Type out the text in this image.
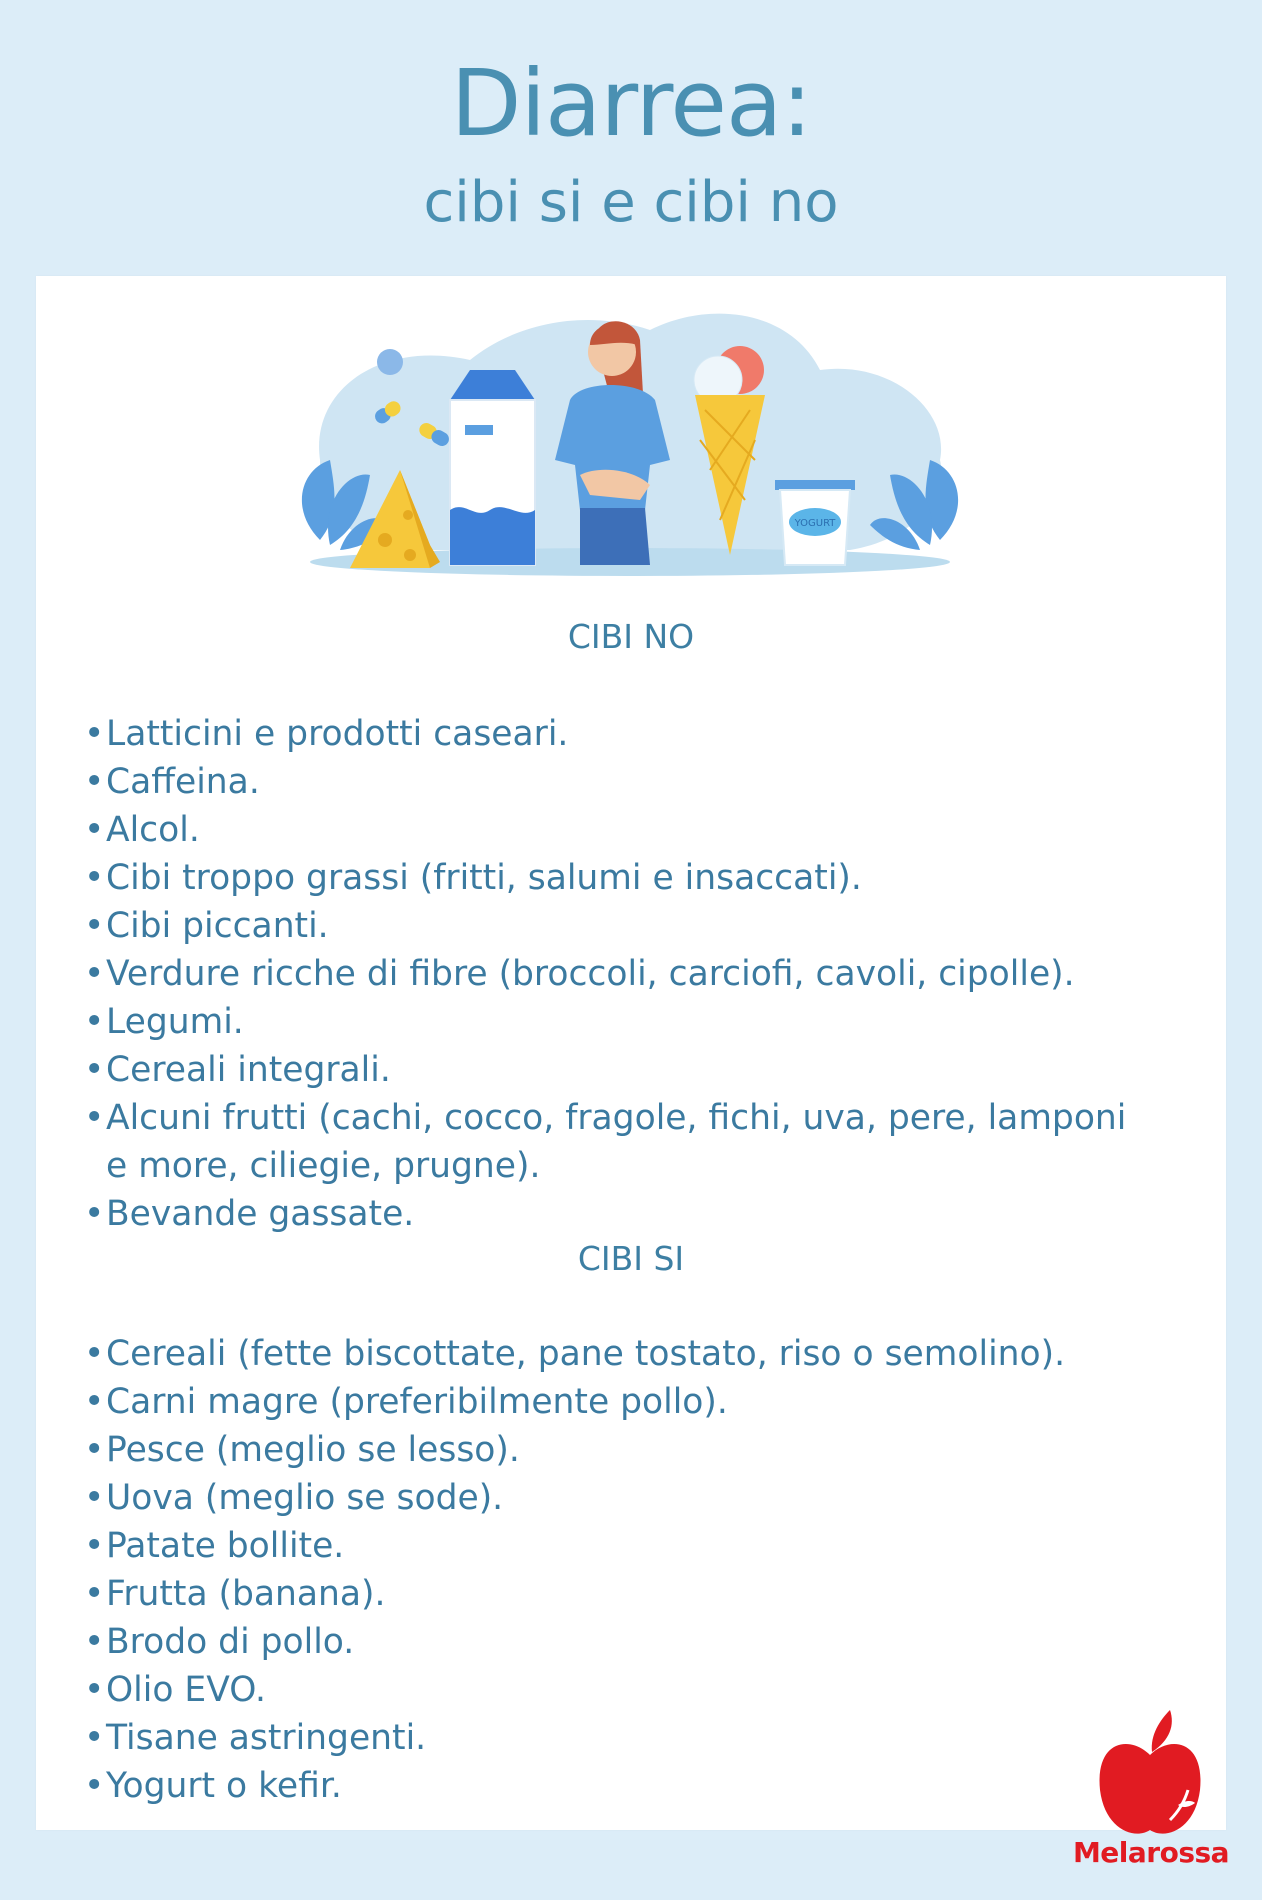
Diarrea:
cibi si e cibi no
YOGURT
CIBI NO
• Latticini e prodotti caseari.
• Caffeina.
• Alcol.
• Cibi troppo grassi (fritti, salumi e insaccati).
• Cibi piccanti.
• Verdure ricche di fibre (broccoli, carciofi, cavoli, cipolle).
• Legumi.
• Cereali integrali.
• Alcuni frutti (cachi, cocco, fragole, fichi, uva, pere, lamponi e more, ciliegie, prugne).
• Bevande gassate.
CIBI SI
• Cereali (fette biscottate, pane tostato, riso o semolino).
• Carni magre (preferibilmente pollo).
• Pesce (meglio se lesso).
• Uova (meglio se sode).
• Patate bollite.
• Frutta (banana).
• Brodo di pollo.
• Olio EVO.
• Tisane astringenti.
• Yogurt o kefir.
Melarossa
